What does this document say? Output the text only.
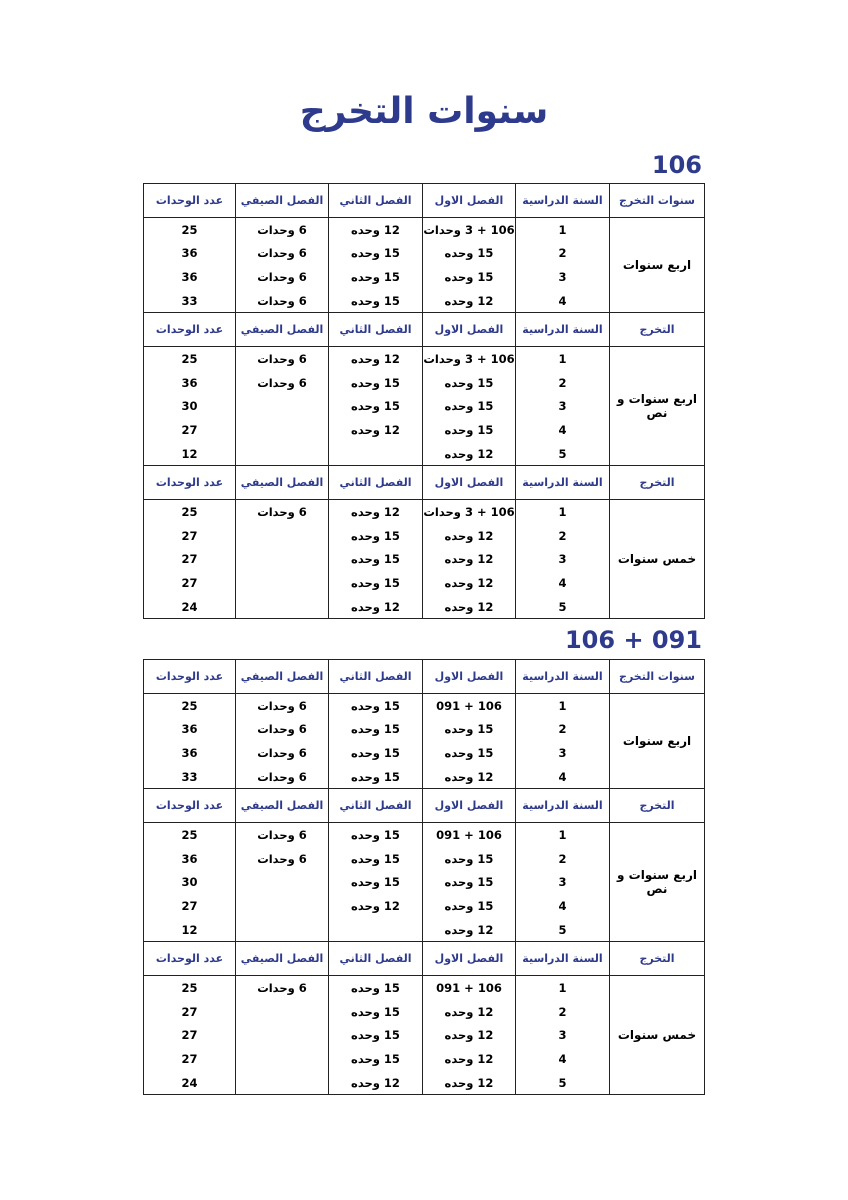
سنوات التخرج
106
سنوات التخرج	السنة الدراسية	الفصل الاول	الفصل الثاني	الفصل الصيفي	عدد الوحدات
اربع سنوات	1	106 + 3 وحدات	12 وحده	6 وحدات	25
	2	15 وحده	15 وحده	6 وحدات	36
	3	15 وحده	15 وحده	6 وحدات	36
	4	12 وحده	15 وحده	6 وحدات	33
التخرج	السنة الدراسية	الفصل الاول	الفصل الثاني	الفصل الصيفي	عدد الوحدات
اربع سنوات و نص	1	106 + 3 وحدات	12 وحده	6 وحدات	25
	2	15 وحده	15 وحده	6 وحدات	36
	3	15 وحده	15 وحده		30
	4	15 وحده	12 وحده		27
	5	12 وحده			12
التخرج	السنة الدراسية	الفصل الاول	الفصل الثاني	الفصل الصيفي	عدد الوحدات
خمس سنوات	1	106 + 3 وحدات	12 وحده	6 وحدات	25
	2	12 وحده	15 وحده		27
	3	12 وحده	15 وحده		27
	4	12 وحده	15 وحده		27
	5	12 وحده	12 وحده		24
106 + 091
سنوات التخرج	السنة الدراسية	الفصل الاول	الفصل الثاني	الفصل الصيفي	عدد الوحدات
اربع سنوات	1	106 + 091	15 وحده	6 وحدات	25
	2	15 وحده	15 وحده	6 وحدات	36
	3	15 وحده	15 وحده	6 وحدات	36
	4	12 وحده	15 وحده	6 وحدات	33
التخرج	السنة الدراسية	الفصل الاول	الفصل الثاني	الفصل الصيفي	عدد الوحدات
اربع سنوات و نص	1	106 + 091	15 وحده	6 وحدات	25
	2	15 وحده	15 وحده	6 وحدات	36
	3	15 وحده	15 وحده		30
	4	15 وحده	12 وحده		27
	5	12 وحده			12
التخرج	السنة الدراسية	الفصل الاول	الفصل الثاني	الفصل الصيفي	عدد الوحدات
خمس سنوات	1	106 + 091	15 وحده	6 وحدات	25
	2	12 وحده	15 وحده		27
	3	12 وحده	15 وحده		27
	4	12 وحده	15 وحده		27
	5	12 وحده	12 وحده		24
